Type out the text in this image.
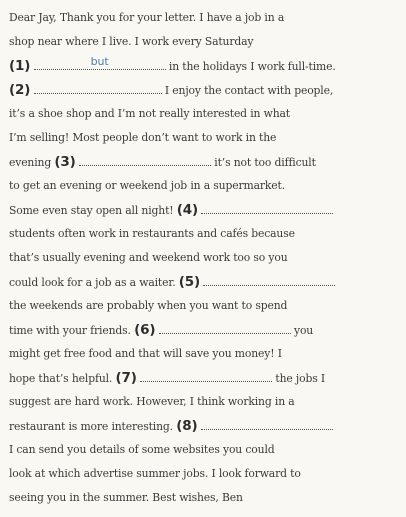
Dear Jay, Thank you for your letter. I have a job in a
shop near where I live. I work every Saturday
(1)	but	in the holidays I work full-time.
(2)	I enjoy the contact with people,
it’s a shoe shop and I’m not really interested in what
I’m selling! Most people don’t want to work in the
evening (3)	it’s not too difficult
to get an evening or weekend job in a supermarket.
Some even stay open all night! (4)
students often work in restaurants and cafés because
that’s usually evening and weekend work too so you
could look for a job as a waiter. (5)
the weekends are probably when you want to spend
time with your friends. (6)	you
might get free food and that will save you money! I
hope that’s helpful. (7)	the jobs I
suggest are hard work. However, I think working in a
restaurant is more interesting. (8)
I can send you details of some websites you could
look at which advertise summer jobs. I look forward to
seeing you in the summer. Best wishes, Ben
